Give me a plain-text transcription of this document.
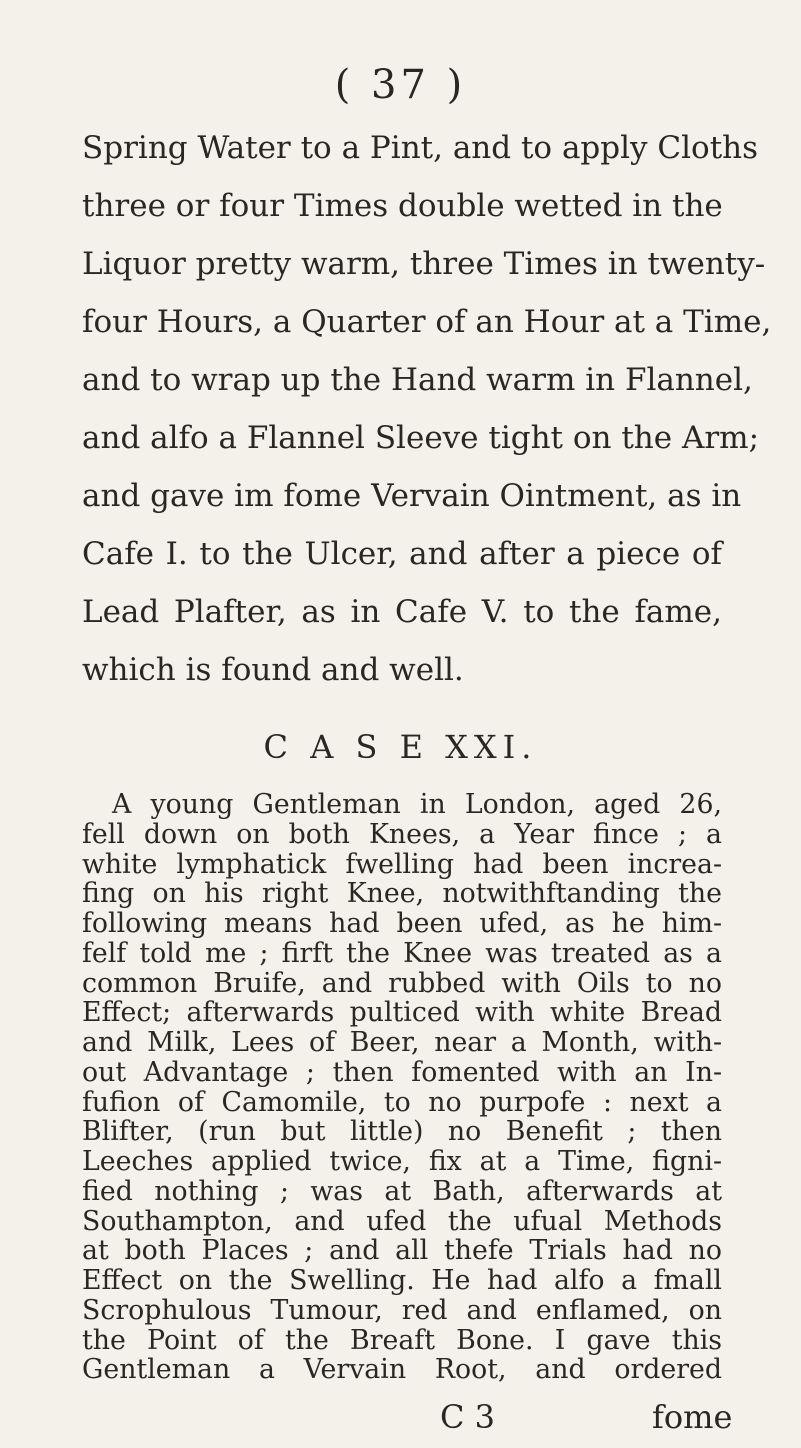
( 37 )
Spring Water to a Pint, and to apply Cloths
three or four Times double wetted in the
Liquor pretty warm, three Times in twenty-
four Hours, a Quarter of an Hour at a Time,
and to wrap up the Hand warm in Flannel,
and alfo a Flannel Sleeve tight on the Arm;
and gave im fome Vervain Ointment, as in
Cafe I. to the Ulcer, and after a piece of
Lead Plafter, as in Cafe V. to the fame,
which is found and well.
C A S E XXI.
A young Gentleman in London, aged 26,
fell down on both Knees, a Year fince ; a
white lymphatick fwelling had been increa-
fing on his right Knee, notwithftanding the
following means had been ufed, as he him-
felf told me ; firft the Knee was treated as a
common Bruife, and rubbed with Oils to no
Effect; afterwards pulticed with white Bread
and Milk, Lees of Beer, near a Month, with-
out Advantage ; then fomented with an In-
fufion of Camomile, to no purpofe : next a
Blifter, (run but little) no Benefit ; then
Leeches applied twice, fix at a Time, figni-
fied nothing ; was at Bath, afterwards at
Southampton, and ufed the ufual Methods
at both Places ; and all thefe Trials had no
Effect on the Swelling. He had alfo a fmall
Scrophulous Tumour, red and enflamed, on
the Point of the Breaft Bone. I gave this
Gentleman a Vervain Root, and ordered
C 3	fome
